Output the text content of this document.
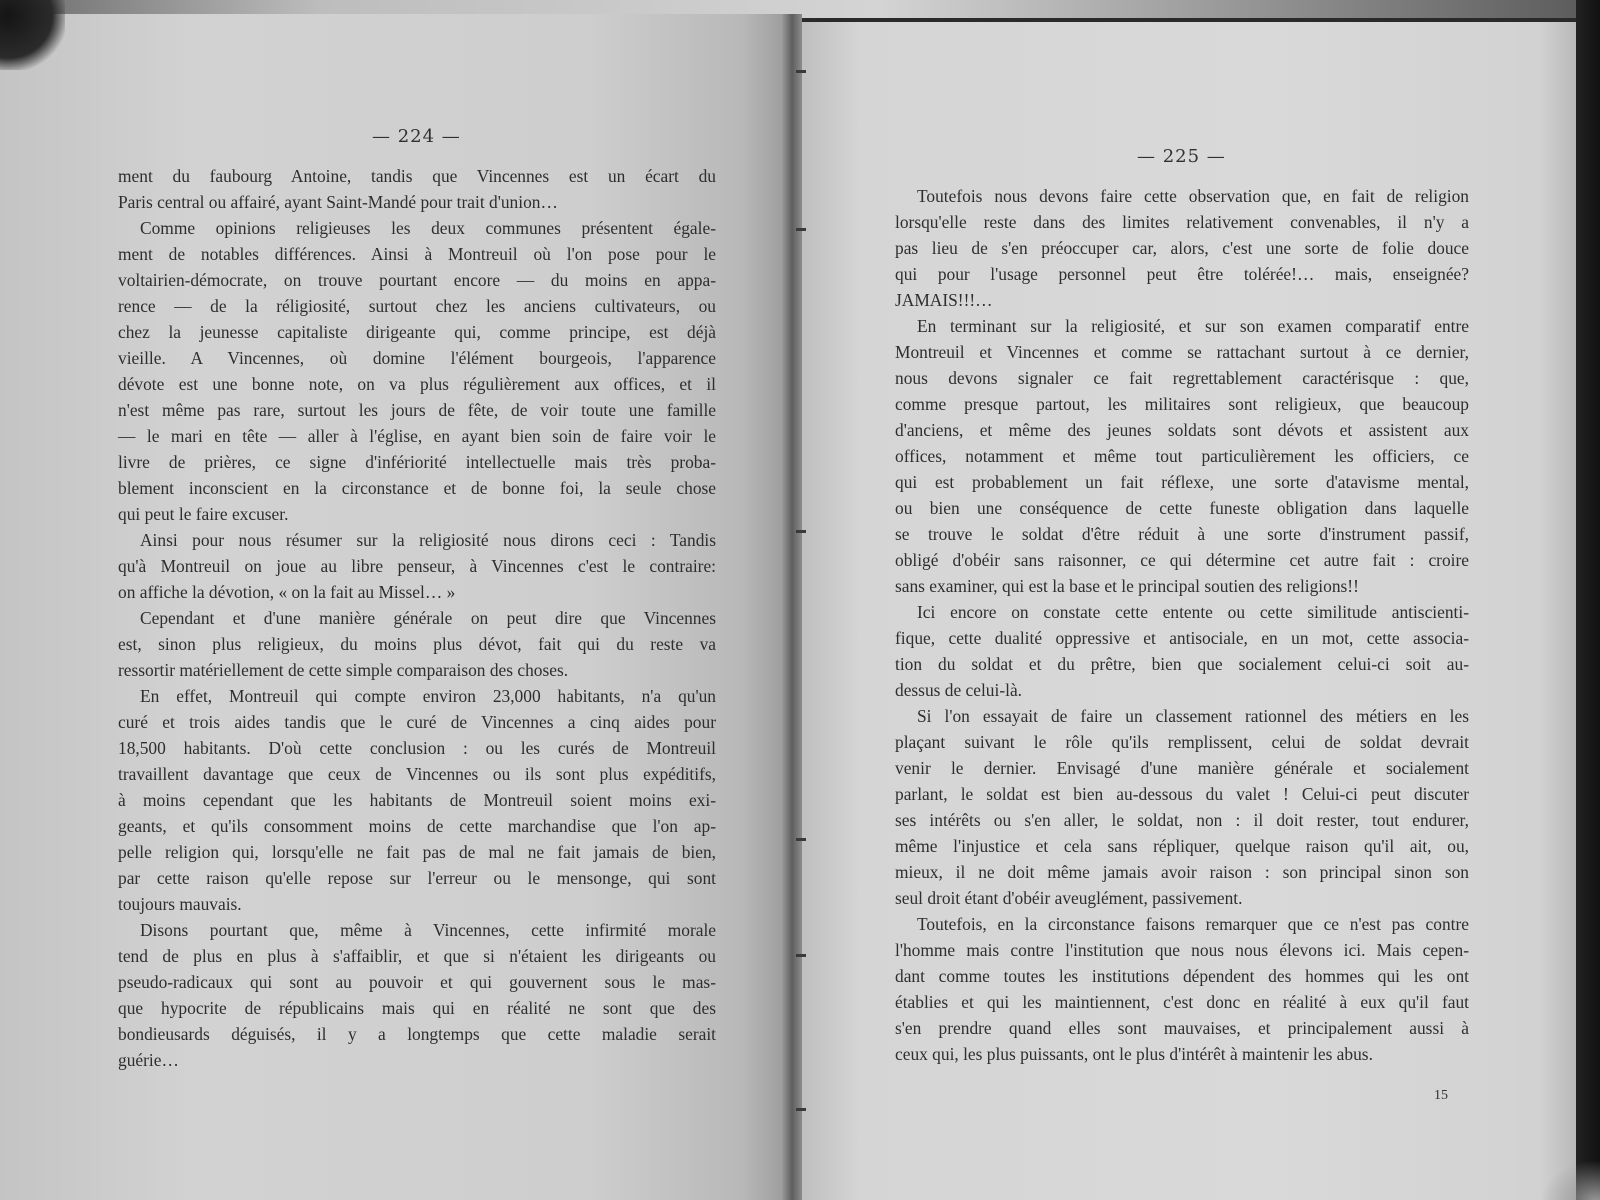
— 224 —
— 225 —
ment du faubourg Antoine, tandis que Vincennes est un écart du
Paris central ou affairé, ayant Saint-Mandé pour trait d'union…
Comme opinions religieuses les deux communes présentent égale-
ment de notables différences. Ainsi à Montreuil où l'on pose pour le
voltairien-démocrate, on trouve pourtant encore — du moins en appa-
rence — de la réligiosité, surtout chez les anciens cultivateurs, ou
chez la jeunesse capitaliste dirigeante qui, comme principe, est déjà
vieille. A Vincennes, où domine l'élément bourgeois, l'apparence
dévote est une bonne note, on va plus régulièrement aux offices, et il
n'est même pas rare, surtout les jours de fête, de voir toute une famille
— le mari en tête — aller à l'église, en ayant bien soin de faire voir le
livre de prières, ce signe d'infériorité intellectuelle mais très proba-
blement inconscient en la circonstance et de bonne foi, la seule chose
qui peut le faire excuser.
Ainsi pour nous résumer sur la religiosité nous dirons ceci : Tandis
qu'à Montreuil on joue au libre penseur, à Vincennes c'est le contraire:
on affiche la dévotion, « on la fait au Missel… »
Cependant et d'une manière générale on peut dire que Vincennes
est, sinon plus religieux, du moins plus dévot, fait qui du reste va
ressortir matériellement de cette simple comparaison des choses.
En effet, Montreuil qui compte environ 23,000 habitants, n'a qu'un
curé et trois aides tandis que le curé de Vincennes a cinq aides pour
18,500 habitants. D'où cette conclusion : ou les curés de Montreuil
travaillent davantage que ceux de Vincennes ou ils sont plus expéditifs,
à moins cependant que les habitants de Montreuil soient moins exi-
geants, et qu'ils consomment moins de cette marchandise que l'on ap-
pelle religion qui, lorsqu'elle ne fait pas de mal ne fait jamais de bien,
par cette raison qu'elle repose sur l'erreur ou le mensonge, qui sont
toujours mauvais.
Disons pourtant que, même à Vincennes, cette infirmité morale
tend de plus en plus à s'affaiblir, et que si n'étaient les dirigeants ou
pseudo-radicaux qui sont au pouvoir et qui gouvernent sous le mas-
que hypocrite de républicains mais qui en réalité ne sont que des
bondieusards déguisés, il y a longtemps que cette maladie serait
guérie…
Toutefois nous devons faire cette observation que, en fait de religion
lorsqu'elle reste dans des limites relativement convenables, il n'y a
pas lieu de s'en préoccuper car, alors, c'est une sorte de folie douce
qui pour l'usage personnel peut être tolérée!… mais, enseignée?
JAMAIS!!!…
En terminant sur la religiosité, et sur son examen comparatif entre
Montreuil et Vincennes et comme se rattachant surtout à ce dernier,
nous devons signaler ce fait regrettablement caractérisque : que,
comme presque partout, les militaires sont religieux, que beaucoup
d'anciens, et même des jeunes soldats sont dévots et assistent aux
offices, notamment et même tout particulièrement les officiers, ce
qui est probablement un fait réflexe, une sorte d'atavisme mental,
ou bien une conséquence de cette funeste obligation dans laquelle
se trouve le soldat d'être réduit à une sorte d'instrument passif,
obligé d'obéir sans raisonner, ce qui détermine cet autre fait : croire
sans examiner, qui est la base et le principal soutien des religions!!
Ici encore on constate cette entente ou cette similitude antiscienti-
fique, cette dualité oppressive et antisociale, en un mot, cette associa-
tion du soldat et du prêtre, bien que socialement celui-ci soit au-
dessus de celui-là.
Si l'on essayait de faire un classement rationnel des métiers en les
plaçant suivant le rôle qu'ils remplissent, celui de soldat devrait
venir le dernier. Envisagé d'une manière générale et socialement
parlant, le soldat est bien au-dessous du valet ! Celui-ci peut discuter
ses intérêts ou s'en aller, le soldat, non : il doit rester, tout endurer,
même l'injustice et cela sans répliquer, quelque raison qu'il ait, ou,
mieux, il ne doit même jamais avoir raison : son principal sinon son
seul droit étant d'obéir aveuglément, passivement.
Toutefois, en la circonstance faisons remarquer que ce n'est pas contre
l'homme mais contre l'institution que nous nous élevons ici. Mais cepen-
dant comme toutes les institutions dépendent des hommes qui les ont
établies et qui les maintiennent, c'est donc en réalité à eux qu'il faut
s'en prendre quand elles sont mauvaises, et principalement aussi à
ceux qui, les plus puissants, ont le plus d'intérêt à maintenir les abus.
15
